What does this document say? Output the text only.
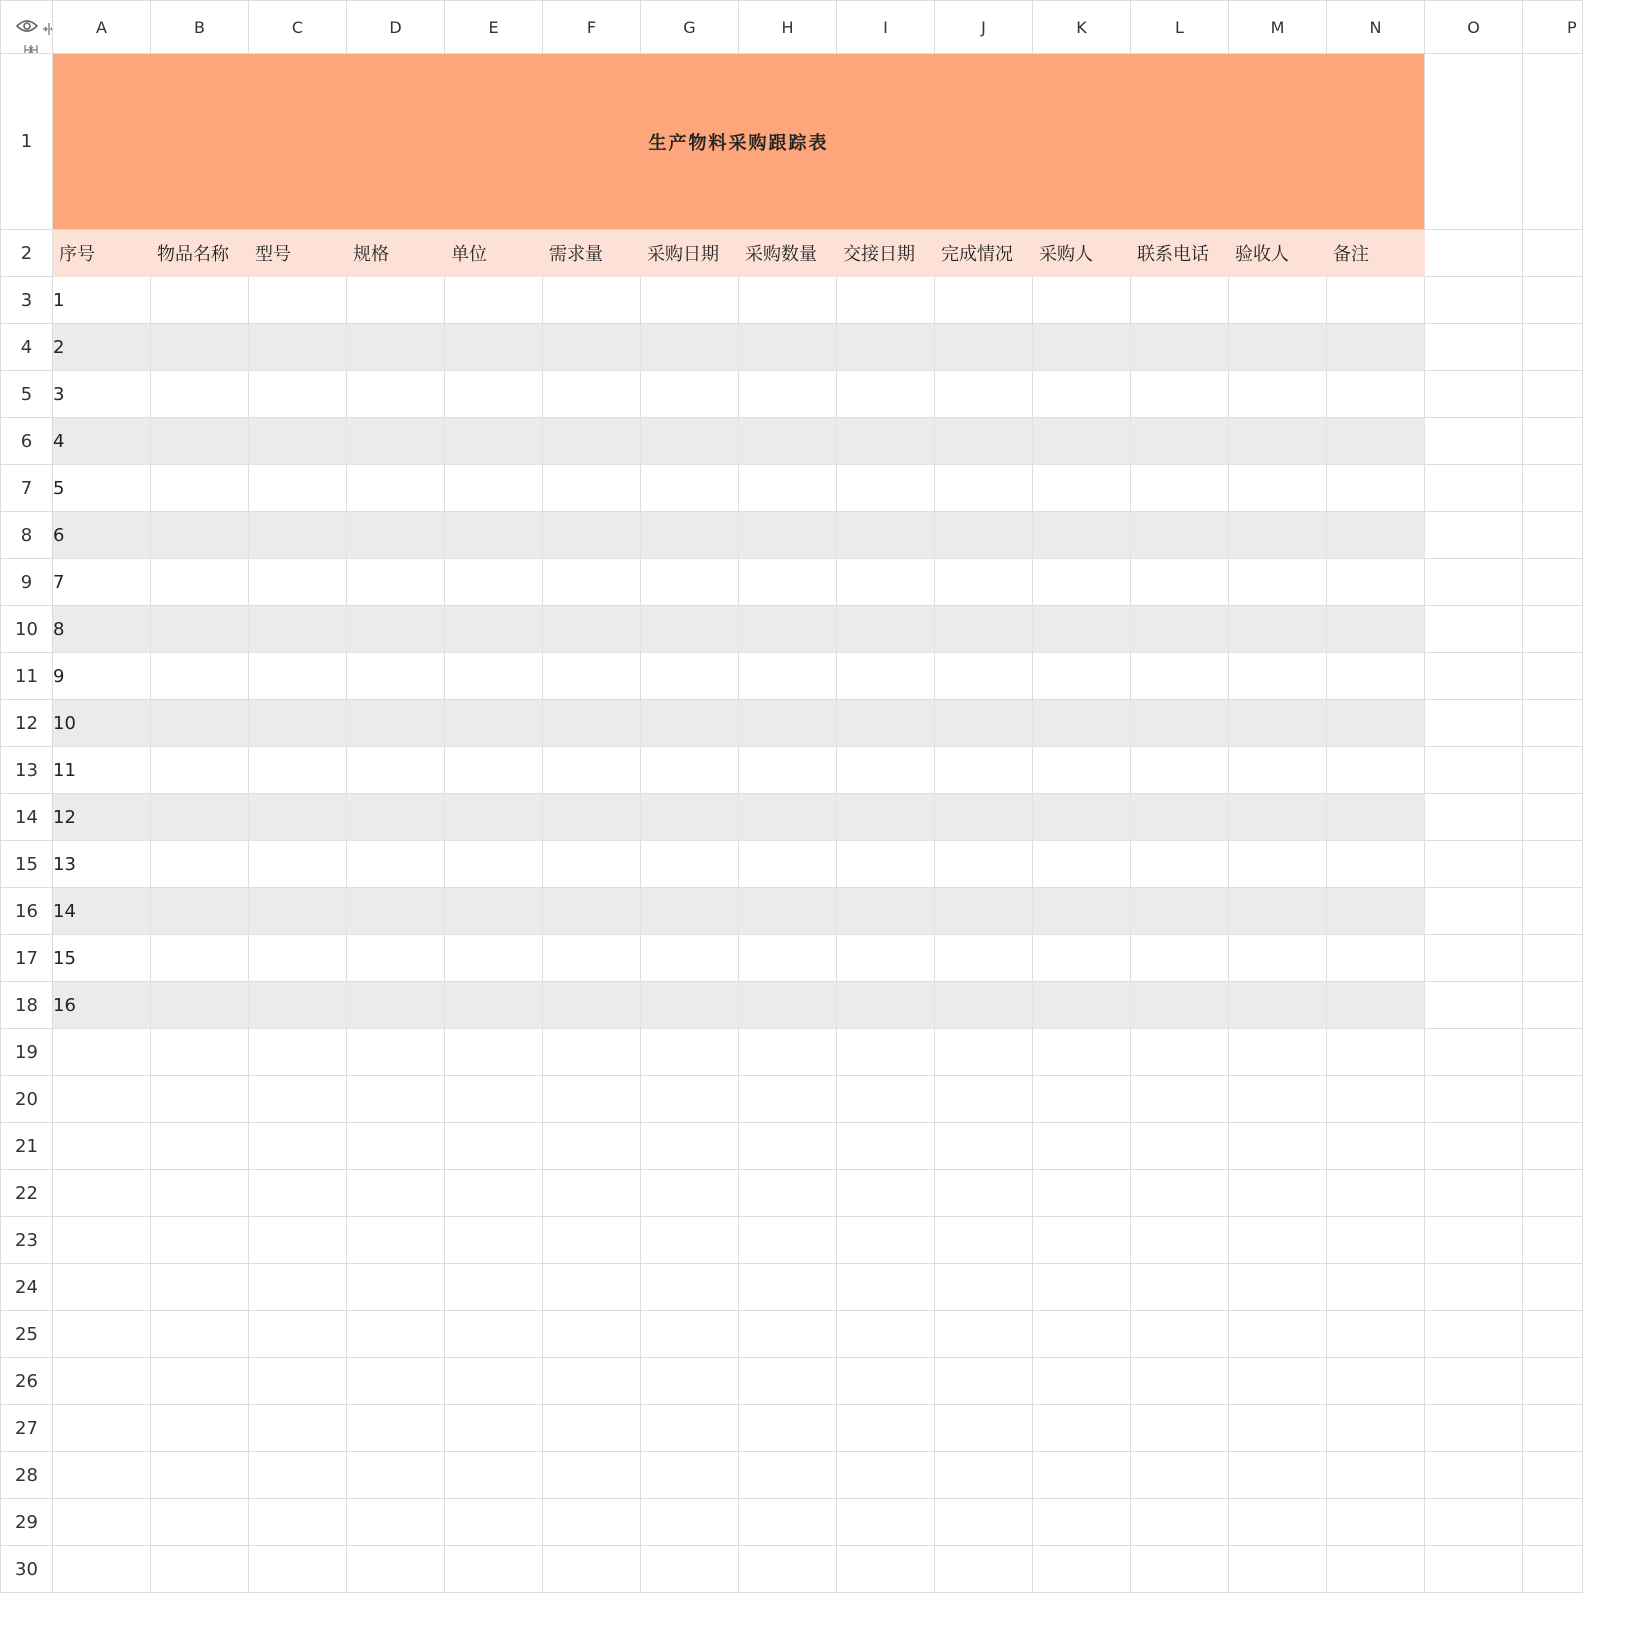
	A	B	C	D	E	F	G	H	I	J	K	L	M	N	O	P
1	生产物料采购跟踪表															
2	序号	物品名称	型号	规格	单位	需求量	采购日期	采购数量	交接日期	完成情况	采购人	联系电话	验收人	备注		
3	1															
4	2															
5	3															
6	4															
7	5															
8	6															
9	7															
10	8															
11	9															
12	10															
13	11															
14	12															
15	13															
16	14															
17	15															
18	16															
19																
20																
21																
22																
23																
24																
25																
26																
27																
28																
29																
30																
